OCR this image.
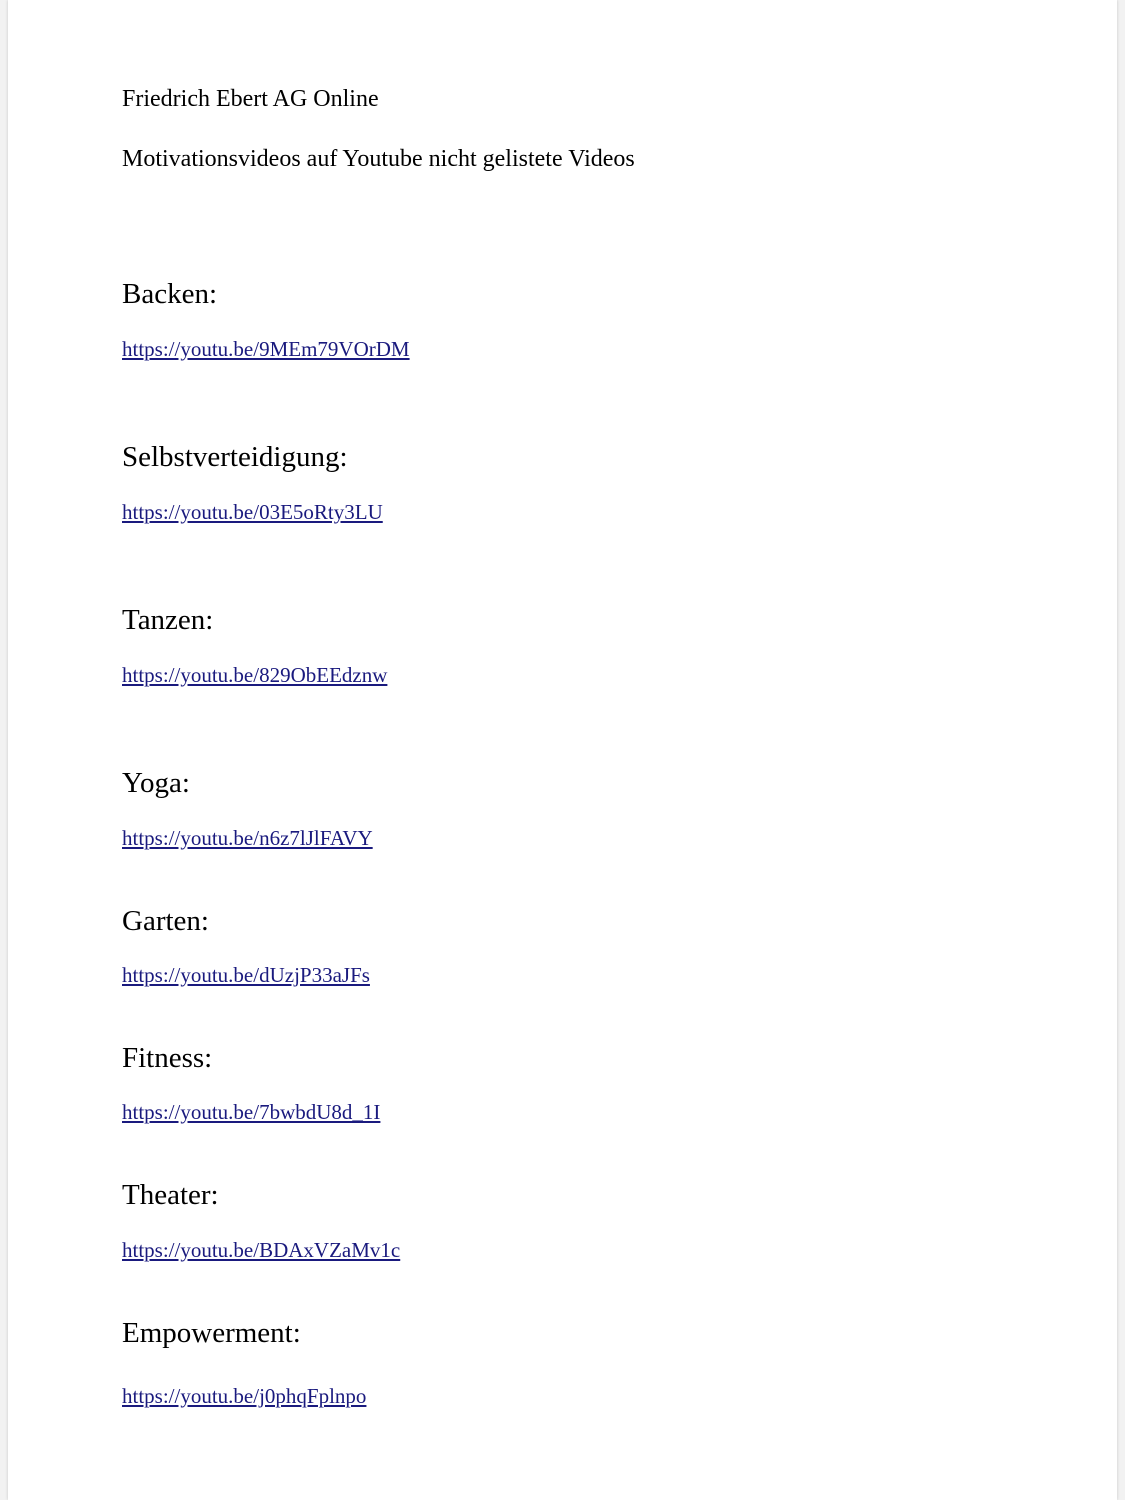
Friedrich Ebert AG Online

Motivationsvideos auf Youtube nicht gelistete Videos

Backen:

https://youtu.be/9MEm79VOrDM

Selbstverteidigung:

https://youtu.be/03E5oRty3LU

Tanzen:

https://youtu.be/829ObEEdznw

Yoga:

https://youtu.be/n6z7lJlFAVY

Garten:

https://youtu.be/dUzjP33aJFs

Fitness:

https://youtu.be/7bwbdU8d_1I

Theater:

https://youtu.be/BDAxVZaMv1c

Empowerment:

https://youtu.be/j0phqFplnpo
